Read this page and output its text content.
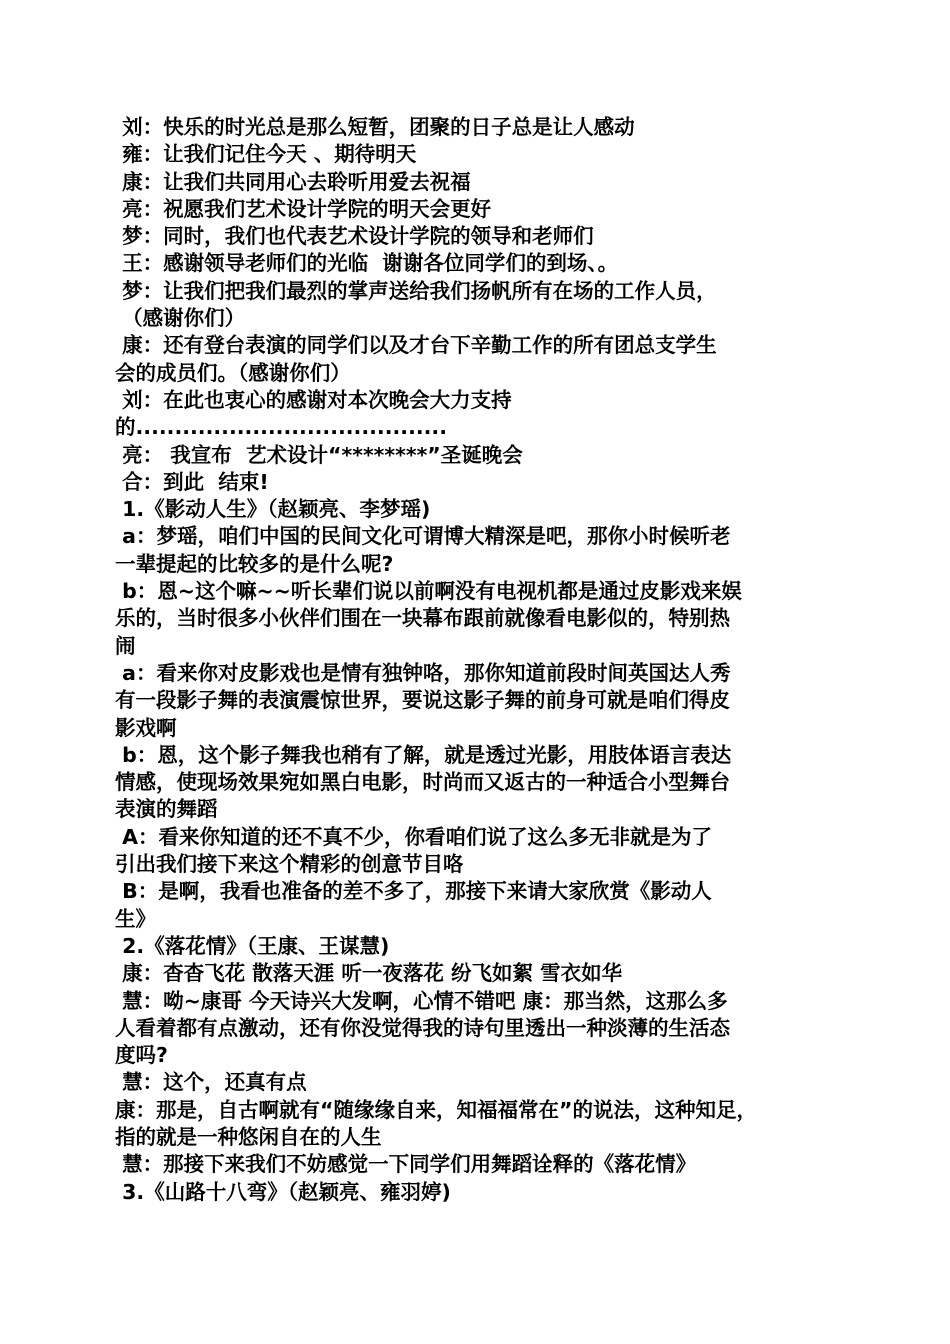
刘：快乐的时光总是那么短暂，团聚的日子总是让人感动

雍：让我们记住今天 、期待明天

康：让我们共同用心去聆听用爱去祝福

亮：祝愿我们艺术设计学院的明天会更好

梦：同时，我们也代表艺术设计学院的领导和老师们

王：感谢领导老师们的光临  谢谢各位同学们的到场、。

梦：让我们把我们最烈的掌声送给我们扬帆所有在场的工作人员，

（感谢你们）

康：还有登台表演的同学们以及才台下辛勤工作的所有团总支学生

会的成员们。（感谢你们）

刘：在此也衷心的感谢对本次晚会大力支持

的........................................

亮： 我宣布  艺术设计“********”圣诞晚会

合：到此  结束!

1.《影动人生》（赵颖亮、李梦瑶)

a：梦瑶，咱们中国的民间文化可谓博大精深是吧，那你小时候听老

一辈提起的比较多的是什么呢?

b：恩~这个嘛~~听长辈们说以前啊没有电视机都是通过皮影戏来娱

乐的，当时很多小伙伴们围在一块幕布跟前就像看电影似的，特别热

闹

a：看来你对皮影戏也是情有独钟咯，那你知道前段时间英国达人秀

有一段影子舞的表演震惊世界，要说这影子舞的前身可就是咱们得皮

影戏啊

b：恩，这个影子舞我也稍有了解，就是透过光影，用肢体语言表达

情感，使现场效果宛如黑白电影，时尚而又返古的一种适合小型舞台

表演的舞蹈

A：看来你知道的还不真不少，你看咱们说了这么多无非就是为了

引出我们接下来这个精彩的创意节目咯

B：是啊，我看也准备的差不多了，那接下来请大家欣赏《影动人

生》

2.《落花情》（王康、王谋慧)

康：杳杳飞花 散落天涯 听一夜落花 纷飞如絮 雪衣如华

慧：呦~康哥 今天诗兴大发啊，心情不错吧 康：那当然，这那么多

人看着都有点激动，还有你没觉得我的诗句里透出一种淡薄的生活态

度吗?

慧：这个，还真有点

康：那是，自古啊就有“随缘缘自来，知福福常在”的说法，这种知足，

指的就是一种悠闲自在的人生

慧：那接下来我们不妨感觉一下同学们用舞蹈诠释的《落花情》

3.《山路十八弯》（赵颖亮、雍羽婷)
